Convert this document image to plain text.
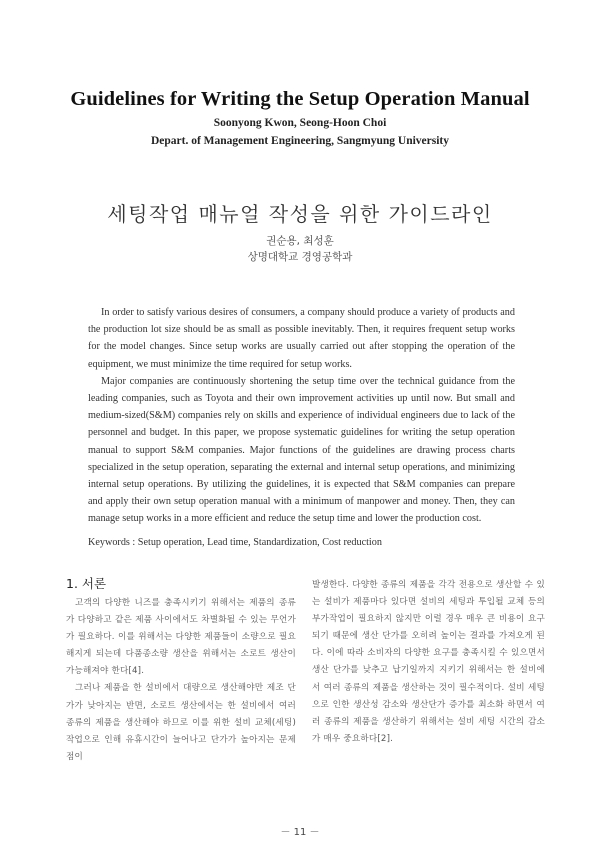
Guidelines for Writing the Setup Operation Manual
Soonyong Kwon, Seong-Hoon Choi
Depart. of Management Engineering, Sangmyung University
세팅작업 매뉴얼 작성을 위한 가이드라인
권순용, 최성훈
상명대학교 경영공학과

In order to satisfy various desires of consumers, a company should produce a variety of products and the production lot size should be as small as possible inevitably. Then, it requires frequent setup works for the model changes. Since setup works are usually carried out after stopping the operation of the equipment, we must minimize the time required for setup works.

Major companies are continuously shortening the setup time over the technical guidance from the leading companies, such as Toyota and their own improvement activities up until now. But small and medium-sized(S&M) companies rely on skills and experience of individual engineers due to lack of the personnel and budget. In this paper, we propose systematic guidelines for writing the setup operation manual to support S&M companies. Major functions of the guidelines are drawing process charts specialized in the setup operation, separating the external and internal setup operations, and minimizing internal setup operations. By utilizing the guidelines, it is expected that S&M companies can prepare and apply their own setup operation manual with a minimum of manpower and money. Then, they can manage setup works in a more efficient and reduce the setup time and lower the production cost.

Keywords : Setup operation, Lead time, Standardization, Cost reduction
1. 서론

고객의 다양한 니즈를 충족시키기 위해서는 제품의 종류가 다양하고 같은 제품 사이에서도 차별화될 수 있는 무언가가 필요하다. 이를 위해서는 다양한 제품들이 소량으로 필요해지게 되는데 다품종소량 생산을 위해서는 소로트 생산이 가능해져야 한다[4].

그러나 제품을 한 설비에서 대량으로 생산해야만 제조 단가가 낮아지는 반면, 소로트 생산에서는 한 설비에서 여러 종류의 제품을 생산해야 하므로 이를 위한 설비 교체(세팅) 작업으로 인해 유휴시간이 늘어나고 단가가 높아지는 문제점이

발생한다. 다양한 종류의 제품을 각각 전용으로 생산할 수 있는 설비가 제품마다 있다면 설비의 세팅과 투입될 교체 등의 부가작업이 필요하지 않지만 이럴 경우 매우 큰 비용이 요구되기 때문에 생산 단가를 오히려 높이는 결과를 가져오게 된다. 이에 따라 소비자의 다양한 요구를 충족시킬 수 있으면서 생산 단가를 낮추고 납기일까지 지키기 위해서는 한 설비에서 여러 종류의 제품을 생산하는 것이 필수적이다. 설비 세팅으로 인한 생산성 감소와 생산단가 증가를 최소화 하면서 여러 종류의 제품을 생산하기 위해서는 설비 세팅 시간의 감소가 매우 중요하다[2].

－ 11 －
